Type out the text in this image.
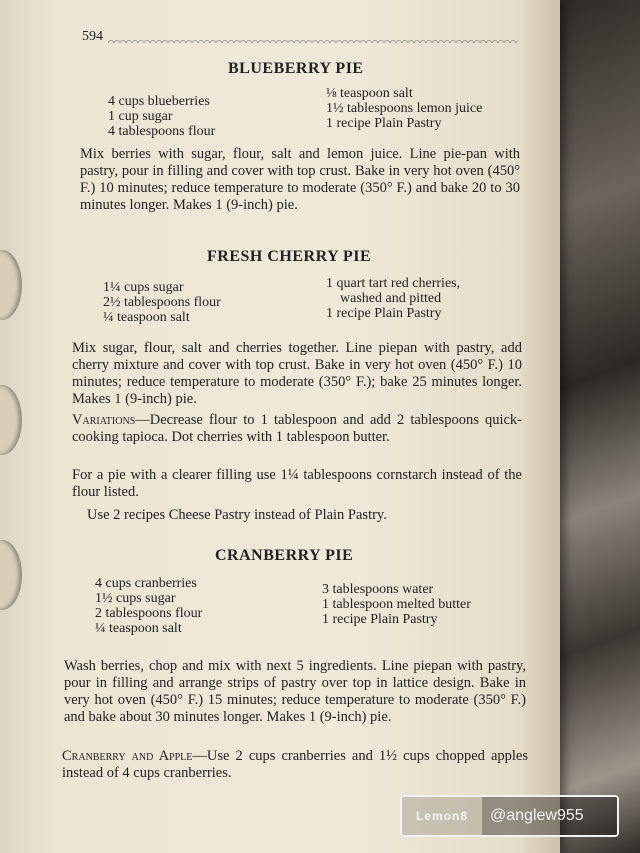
594
BLUEBERRY PIE
4 cups blueberries
1 cup sugar
4 tablespoons flour
⅛ teaspoon salt
1½ tablespoons lemon juice
1 recipe Plain Pastry
Mix berries with sugar, flour, salt and lemon juice. Line pie-pan with pastry, pour in filling and cover with top crust. Bake in very hot oven (450° F.) 10 minutes; reduce temperature to moderate (350° F.) and bake 20 to 30 minutes longer. Makes 1 (9-inch) pie.
FRESH CHERRY PIE
1¼ cups sugar
2½ tablespoons flour
¼ teaspoon salt
1 quart tart red cherries,
washed and pitted
1 recipe Plain Pastry
Mix sugar, flour, salt and cherries together. Line piepan with pastry, add cherry mixture and cover with top crust. Bake in very hot oven (450° F.) 10 minutes; reduce temperature to moderate (350° F.); bake 25 minutes longer. Makes 1 (9-inch) pie.
Variations—Decrease flour to 1 tablespoon and add 2 tablespoons quick-cooking tapioca. Dot cherries with 1 tablespoon butter.
For a pie with a clearer filling use 1¼ tablespoons cornstarch instead of the flour listed.
Use 2 recipes Cheese Pastry instead of Plain Pastry.
CRANBERRY PIE
4 cups cranberries
1½ cups sugar
2 tablespoons flour
¼ teaspoon salt
3 tablespoons water
1 tablespoon melted butter
1 recipe Plain Pastry
Wash berries, chop and mix with next 5 ingredients. Line piepan with pastry, pour in filling and arrange strips of pastry over top in lattice design. Bake in very hot oven (450° F.) 15 minutes; reduce temperature to moderate (350° F.) and bake about 30 minutes longer. Makes 1 (9-inch) pie.
Cranberry and Apple—Use 2 cups cranberries and 1½ cups chopped apples instead of 4 cups cranberries.
Lemon8	@anglew955
